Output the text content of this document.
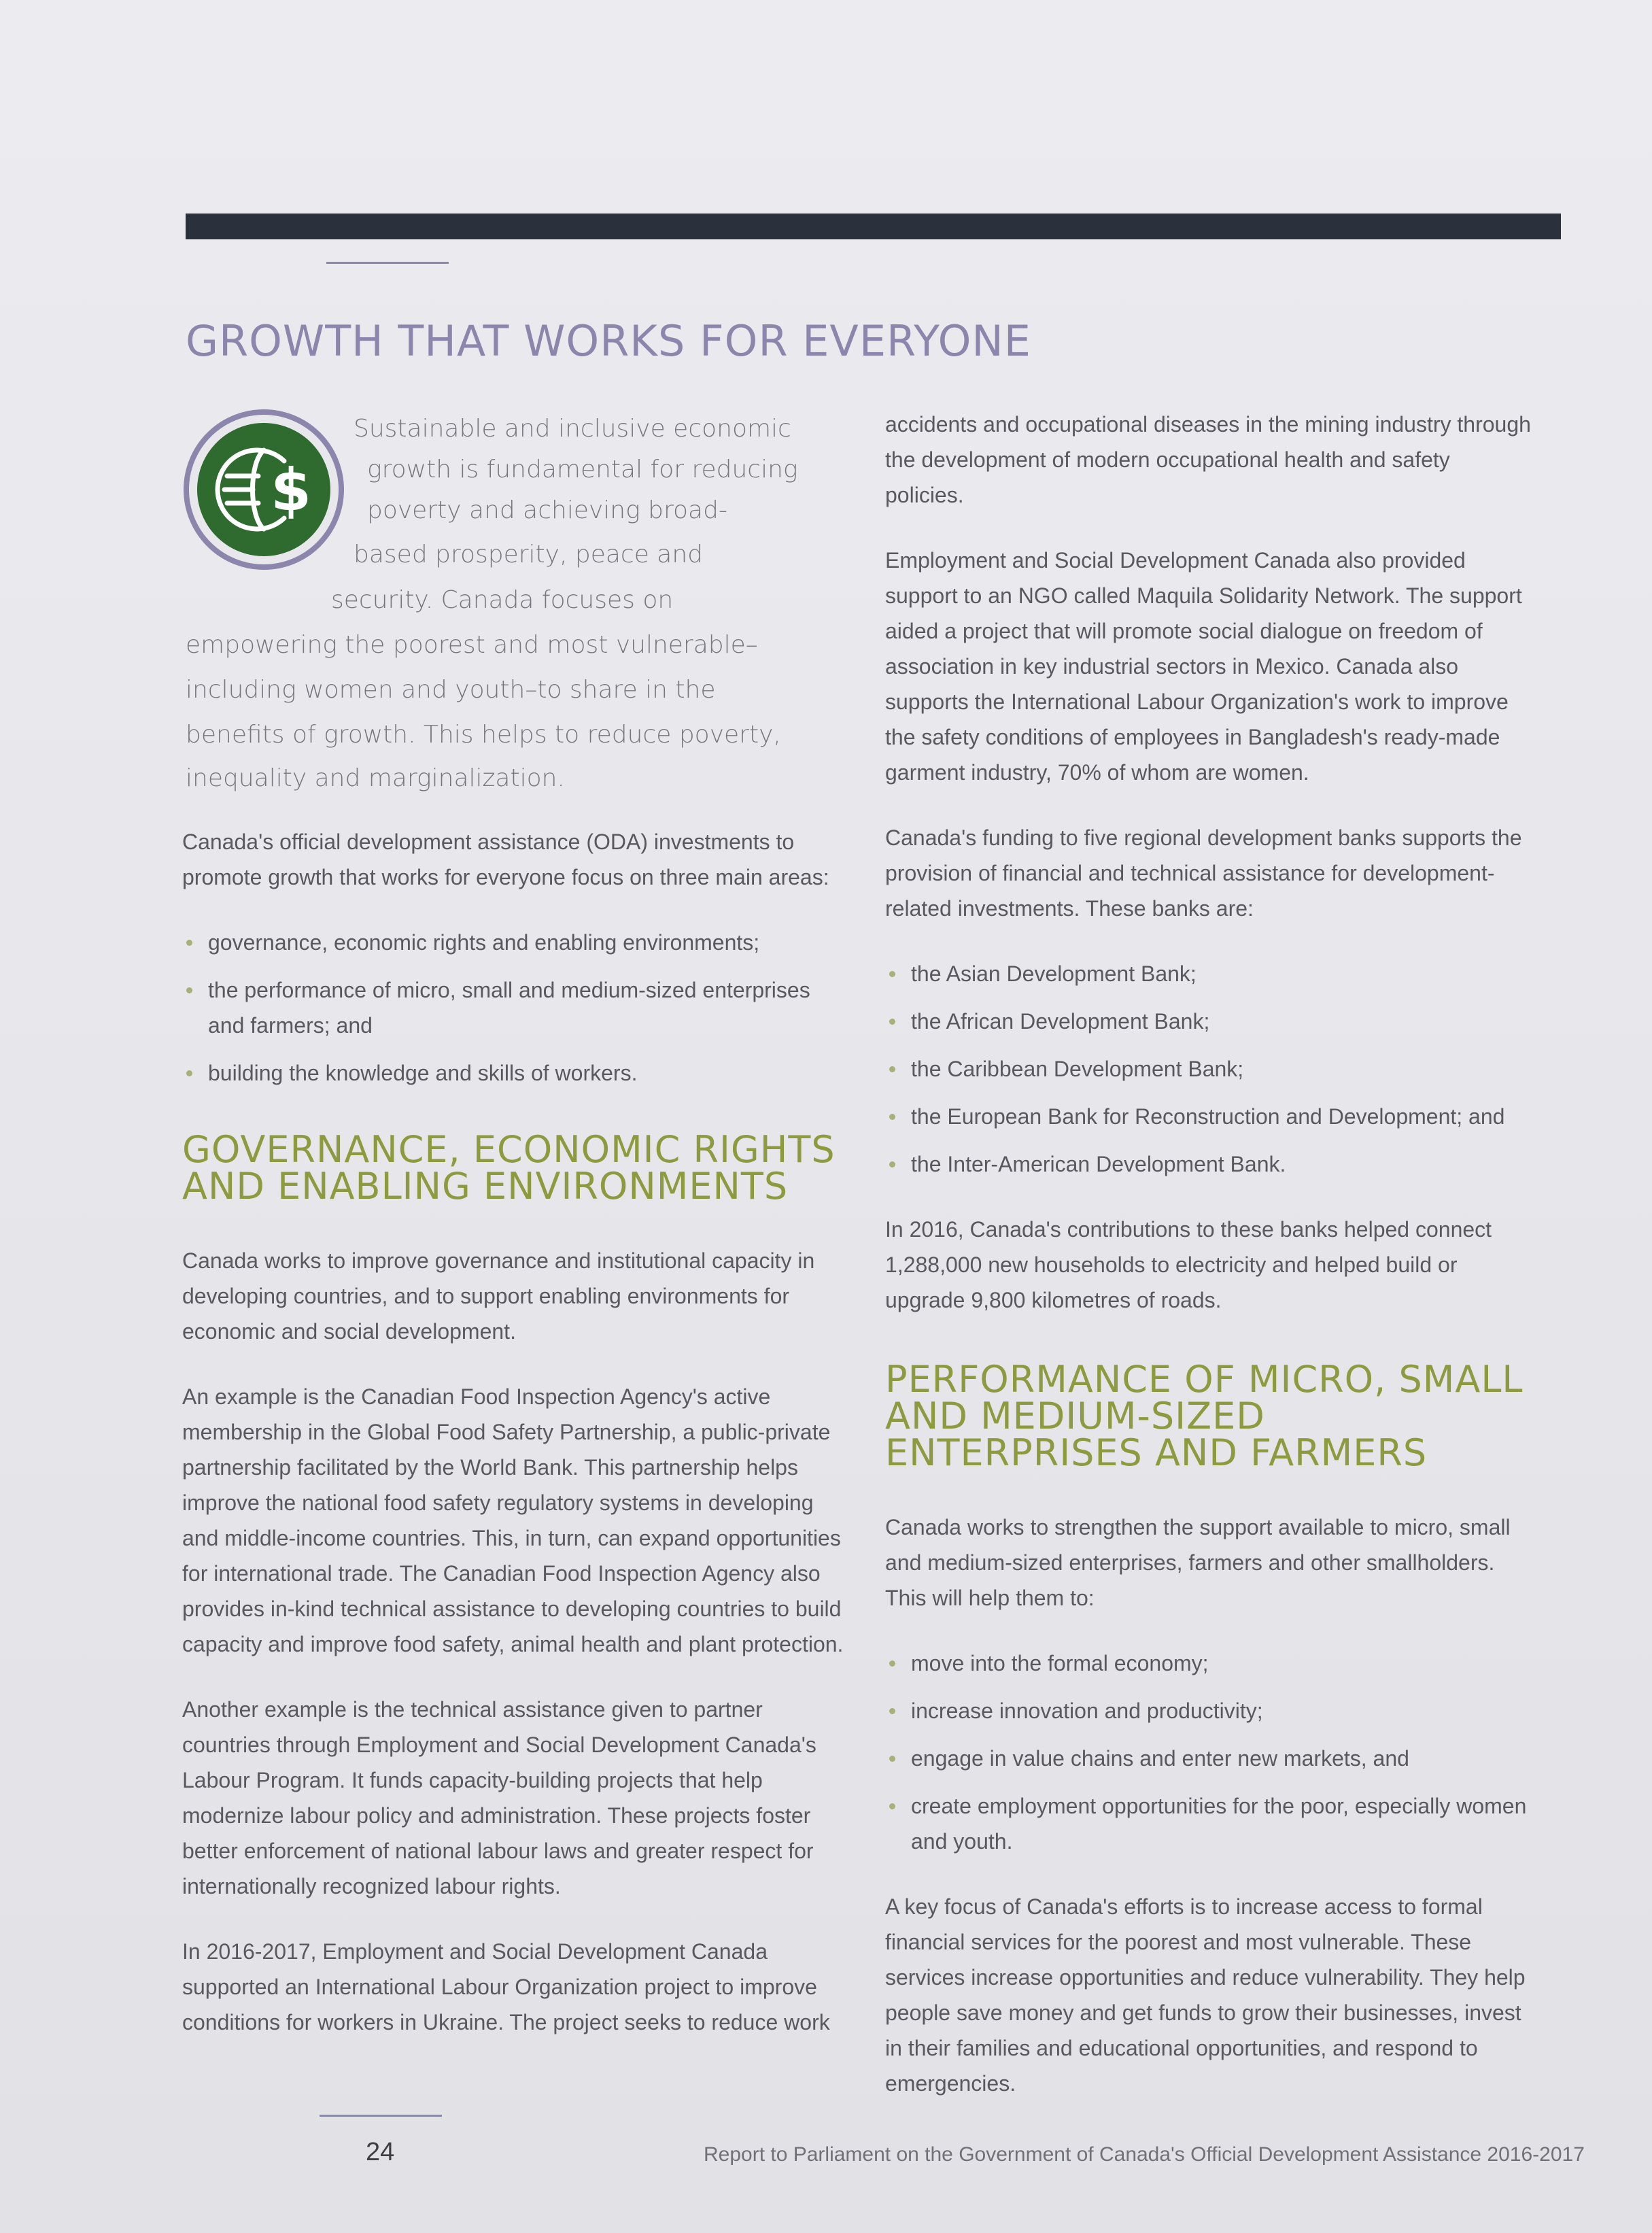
GROWTH THAT WORKS FOR EVERYONE
$
Sustainable and inclusive economic
growth is fundamental for reducing
poverty and achieving broad-
based prosperity, peace and
security. Canada focuses on
empowering the poorest and most vulnerable–
including women and youth–to share in the
benefits of growth. This helps to reduce poverty,
inequality and marginalization.

Canada's official development assistance (ODA) investments to promote growth that works for everyone focus on three main areas:

governance, economic rights and enabling environments;
the performance of micro, small and medium-sized enterprises and farmers; and
building the knowledge and skills of workers.
GOVERNANCE, ECONOMIC RIGHTS AND ENABLING ENVIRONMENTS

Canada works to improve governance and institutional capacity in developing countries, and to support enabling environments for economic and social development.

An example is the Canadian Food Inspection Agency's active membership in the Global Food Safety Partnership, a public-private partnership facilitated by the World Bank. This partnership helps improve the national food safety regulatory systems in developing and middle-income countries. This, in turn, can expand opportunities for international trade. The Canadian Food Inspection Agency also provides in-kind technical assistance to developing countries to build capacity and improve food safety, animal health and plant protection.

Another example is the technical assistance given to partner countries through Employment and Social Development Canada's Labour Program. It funds capacity-building projects that help modernize labour policy and administration. These projects foster better enforcement of national labour laws and greater respect for internationally recognized labour rights.

In 2016-2017, Employment and Social Development Canada supported an International Labour Organization project to improve conditions for workers in Ukraine. The project seeks to reduce work

accidents and occupational diseases in the mining industry through the development of modern occupational health and safety policies.

Employment and Social Development Canada also provided support to an NGO called Maquila Solidarity Network. The support aided a project that will promote social dialogue on freedom of association in key industrial sectors in Mexico. Canada also supports the International Labour Organization's work to improve the safety conditions of employees in Bangladesh's ready-made garment industry, 70% of whom are women.

Canada's funding to five regional development banks supports the provision of financial and technical assistance for development-related investments. These banks are:

the Asian Development Bank;
the African Development Bank;
the Caribbean Development Bank;
the European Bank for Reconstruction and Development; and
the Inter-American Development Bank.

In 2016, Canada's contributions to these banks helped connect 1,288,000 new households to electricity and helped build or upgrade 9,800 kilometres of roads.

PERFORMANCE OF MICRO, SMALL AND MEDIUM-SIZED ENTERPRISES AND FARMERS

Canada works to strengthen the support available to micro, small and medium-sized enterprises, farmers and other smallholders. This will help them to:

move into the formal economy;
increase innovation and productivity;
engage in value chains and enter new markets, and
create employment opportunities for the poor, especially women and youth.

A key focus of Canada's efforts is to increase access to formal financial services for the poorest and most vulnerable. These services increase opportunities and reduce vulnerability. They help people save money and get funds to grow their businesses, invest in their families and educational opportunities, and respond to emergencies.

24	Report to Parliament on the Government of Canada's Official Development Assistance 2016-2017
